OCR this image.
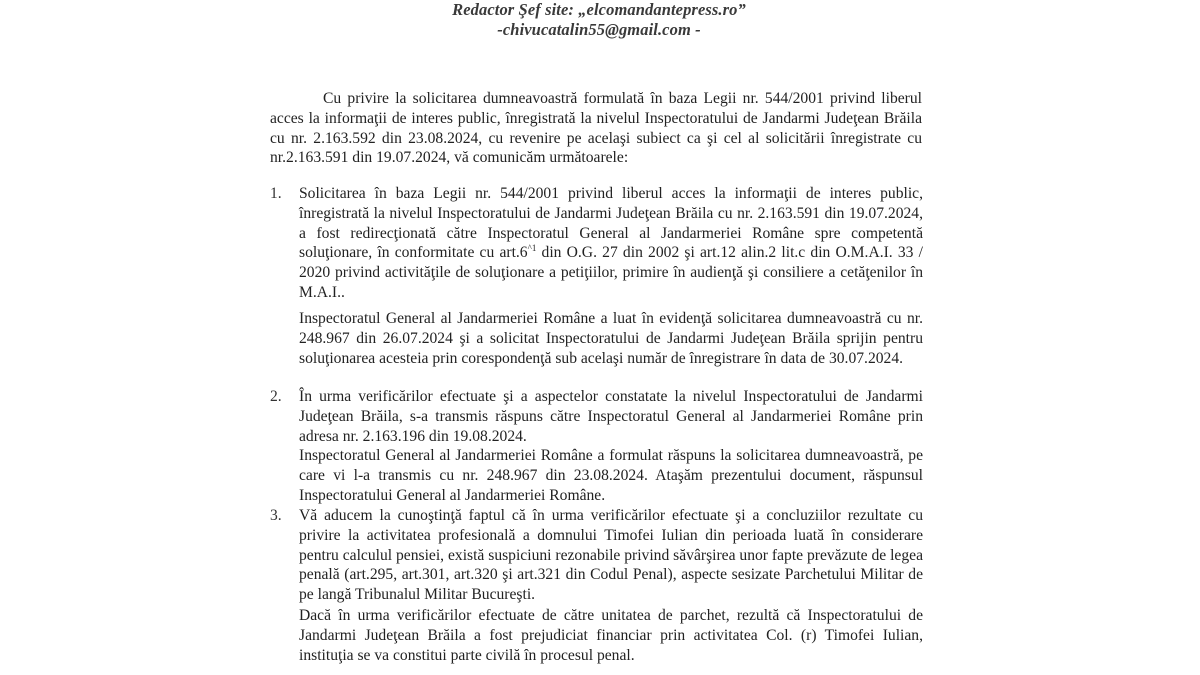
Redactor Şef site: „elcomandantepress.ro”
-chivucatalin55@gmail.com -
Cu privire la solicitarea dumneavoastră formulată în baza Legii nr. 544/2001 privind liberul acces la informaţii de interes public, înregistrată la nivelul Inspectoratului de Jandarmi Judeţean Brăila cu nr. 2.163.592 din 23.08.2024, cu revenire pe acelaşi subiect ca şi cel al solicitării înregistrate cu nr.2.163.591 din 19.07.2024, vă comunicăm următoarele:
1. Solicitarea în baza Legii nr. 544/2001 privind liberul acces la informaţii de interes public, înregistrată la nivelul Inspectoratului de Jandarmi Judeţean Brăila cu nr. 2.163.591 din 19.07.2024, a fost redirecţionată către Inspectoratul General al Jandarmeriei Române spre competentă soluţionare, în conformitate cu $art.6^{\^{}1}$ din O.G. 27 din 2002 şi art.12 alin.2 lit.c din O.M.A.I. 33 / 2020 privind activităţile de soluţionare a petiţiilor, primire în audienţă şi consiliere a cetăţenilor în M.A.I..
Inspectoratul General al Jandarmeriei Române a luat în evidenţă solicitarea dumneavoastră cu nr. 248.967 din 26.07.2024 şi a solicitat Inspectoratului de Jandarmi Judeţean Brăila sprijin pentru soluţionarea acesteia prin corespondenţă sub acelaşi număr de înregistrare în data de 30.07.2024.
2. În urma verificărilor efectuate şi a aspectelor constatate la nivelul Inspectoratului de Jandarmi Judeţean Brăila, s-a transmis răspuns către Inspectoratul General al Jandarmeriei Române prin adresa nr. 2.163.196 din 19.08.2024.
Inspectoratul General al Jandarmeriei Române a formulat răspuns la solicitarea dumneavoastră, pe care vi l-a transmis cu nr. 248.967 din 23.08.2024. Ataşăm prezentului document, răspunsul Inspectoratului General al Jandarmeriei Române.
3. Vă aducem la cunoştinţă faptul că în urma verificărilor efectuate şi a concluziilor rezultate cu privire la activitatea profesională a domnului Timofei Iulian din perioada luată în considerare pentru calculul pensiei, există suspiciuni rezonabile privind săvârşirea unor fapte prevăzute de legea penală (art.295, art.301, art.320 şi art.321 din Codul Penal), aspecte sesizate Parchetului Militar de pe langă Tribunalul Militar Bucureşti.
Dacă în urma verificărilor efectuate de către unitatea de parchet, rezultă că Inspectoratului de Jandarmi Judeţean Brăila a fost prejudiciat financiar prin activitatea Col. (r) Timofei Iulian, instituţia se va constitui parte civilă în procesul penal.
